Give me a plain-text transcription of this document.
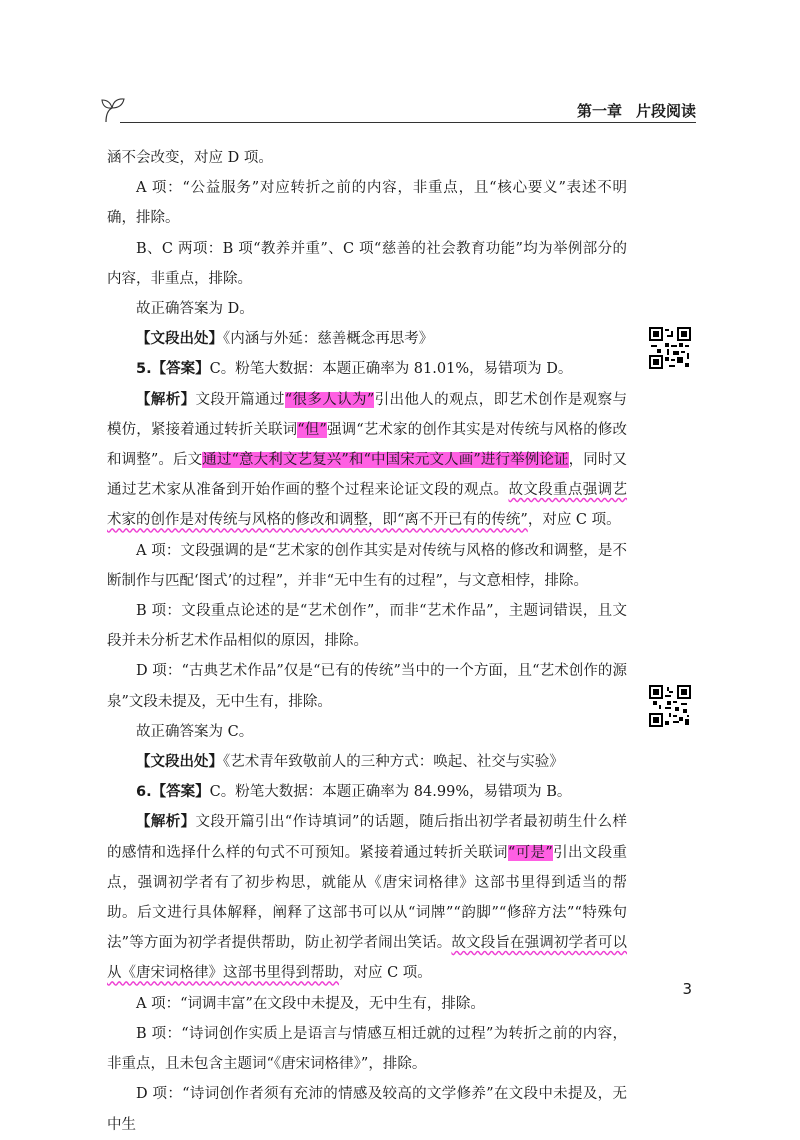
第一章 片段阅读

涵不会改变，对应 D 项。

A 项：“公益服务”对应转折之前的内容，非重点，且“核心要义”表述不明确，排除。

B、C 两项：B 项“教养并重”、C 项“慈善的社会教育功能”均为举例部分的内容，非重点，排除。

故正确答案为 D。

【文段出处】《内涵与外延：慈善概念再思考》

5.【答案】C。粉笔大数据：本题正确率为 81.01%，易错项为 D。

【解析】文段开篇通过“很多人认为”引出他人的观点，即艺术创作是观察与模仿，紧接着通过转折关联词“但”强调“艺术家的创作其实是对传统与风格的修改和调整”。后文通过“意大利文艺复兴”和“中国宋元文人画”进行举例论证，同时又通过艺术家从准备到开始作画的整个过程来论证文段的观点。故文段重点强调艺术家的创作是对传统与风格的修改和调整，即“离不开已有的传统”，对应 C 项。

A 项：文段强调的是“艺术家的创作其实是对传统与风格的修改和调整，是不断制作与匹配‘图式’的过程”，并非“无中生有的过程”，与文意相悖，排除。

B 项：文段重点论述的是“艺术创作”，而非“艺术作品”，主题词错误，且文段并未分析艺术作品相似的原因，排除。

D 项：“古典艺术作品”仅是“已有的传统”当中的一个方面，且“艺术创作的源泉”文段未提及，无中生有，排除。

故正确答案为 C。

【文段出处】《艺术青年致敬前人的三种方式：唤起、社交与实验》

6.【答案】C。粉笔大数据：本题正确率为 84.99%，易错项为 B。

【解析】文段开篇引出“作诗填词”的话题，随后指出初学者最初萌生什么样的感情和选择什么样的句式不可预知。紧接着通过转折关联词“可是”引出文段重点，强调初学者有了初步构思，就能从《唐宋词格律》这部书里得到适当的帮助。后文进行具体解释，阐释了这部书可以从“词牌”“韵脚”“修辞方法”“特殊句法”等方面为初学者提供帮助，防止初学者闹出笑话。故文段旨在强调初学者可以从《唐宋词格律》这部书里得到帮助，对应 C 项。

A 项：“词调丰富”在文段中未提及，无中生有，排除。

B 项：“诗词创作实质上是语言与情感互相迁就的过程”为转折之前的内容，非重点，且未包含主题词“《唐宋词格律》”，排除。

D 项：“诗词创作者须有充沛的情感及较高的文学修养”在文段中未提及，无中生

3
